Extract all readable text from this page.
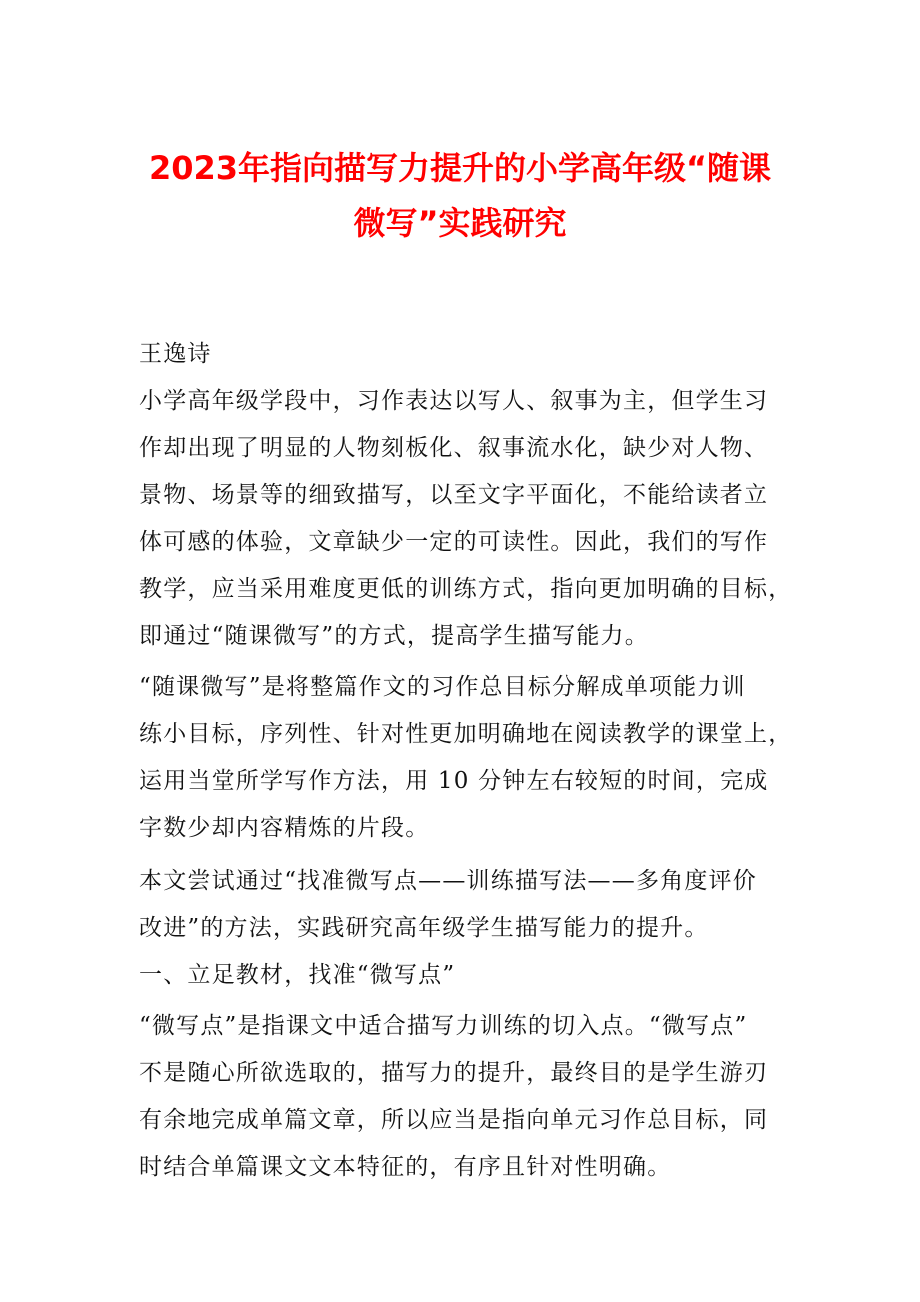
2023年指向描写力提升的小学高年级“随课
微写”实践研究
王逸诗
小学高年级学段中，习作表达以写人、叙事为主，但学生习
作却出现了明显的人物刻板化、叙事流水化，缺少对人物、
景物、场景等的细致描写，以至文字平面化，不能给读者立
体可感的体验，文章缺少一定的可读性。因此，我们的写作
教学，应当采用难度更低的训练方式，指向更加明确的目标，
即通过“随课微写”的方式，提高学生描写能力。
“随课微写”是将整篇作文的习作总目标分解成单项能力训
练小目标，序列性、针对性更加明确地在阅读教学的课堂上，
运用当堂所学写作方法，用 10 分钟左右较短的时间，完成
字数少却内容精炼的片段。
本文尝试通过“找准微写点——训练描写法——多角度评价
改进”的方法，实践研究高年级学生描写能力的提升。
一、立足教材，找准“微写点”
“微写点”是指课文中适合描写力训练的切入点。“微写点”
不是随心所欲选取的，描写力的提升，最终目的是学生游刃
有余地完成单篇文章，所以应当是指向单元习作总目标，同
时结合单篇课文文本特征的，有序且针对性明确。
